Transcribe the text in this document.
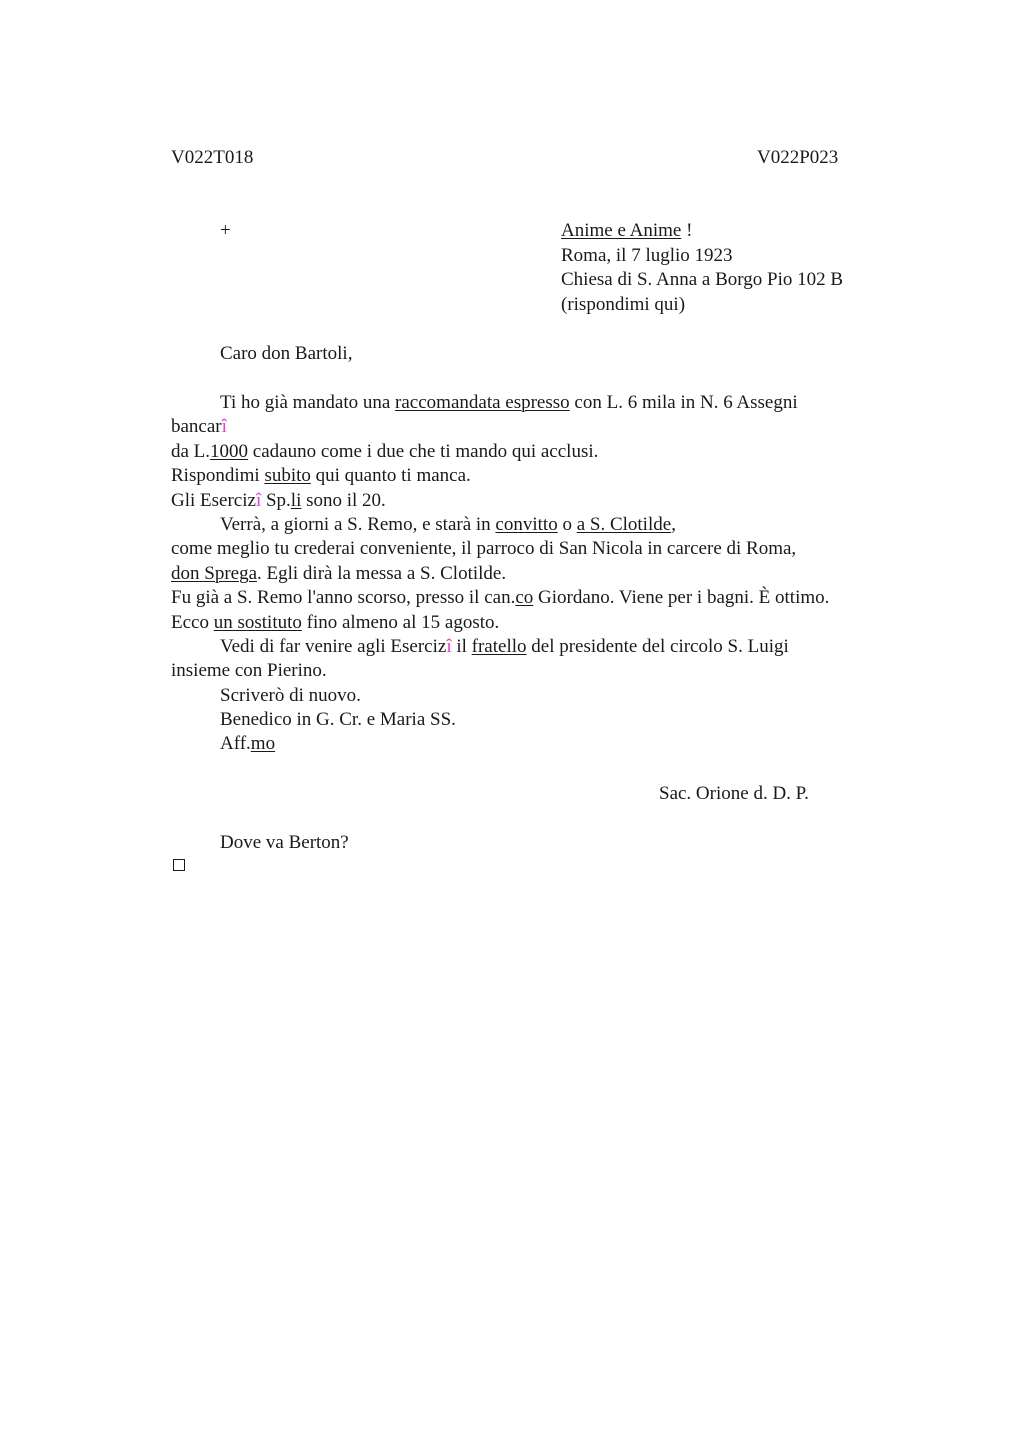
V022T018	V022P023
+	Animе e Anime !
Roma, il 7 luglio 1923
Chiesa di S. Anna a Borgo Pio 102 B
(rispondimi qui)
Caro don Bartoli,
Ti ho già mandato una raccomandata espresso con L. 6 mila in N. 6 Assegni
bancarî
da L.1000 cadauno come i due che ti mando qui acclusi.
Rispondimi subito qui quanto ti manca.
Gli Esercizî Sp.li sono il 20.
Verrà, a giorni a S. Remo, e starà in convitto o a S. Clotilde,
come meglio tu crederai conveniente, il parroco di San Nicola in carcere di Roma,
don Sprega. Egli dirà la messa a S. Clotilde.
Fu già a S. Remo l'anno scorso, presso il can.co Giordano. Viene per i bagni. È ottimo.
Ecco un sostituto fino almeno al 15 agosto.
Vedi di far venire agli Esercizî il fratello del presidente del circolo S. Luigi
insieme con Pierino.
Scriverò di nuovo.
Benedico in G. Cr. e Maria SS.
Aff.mo
Sac. Orione d. D. P.
Dove va Berton?
